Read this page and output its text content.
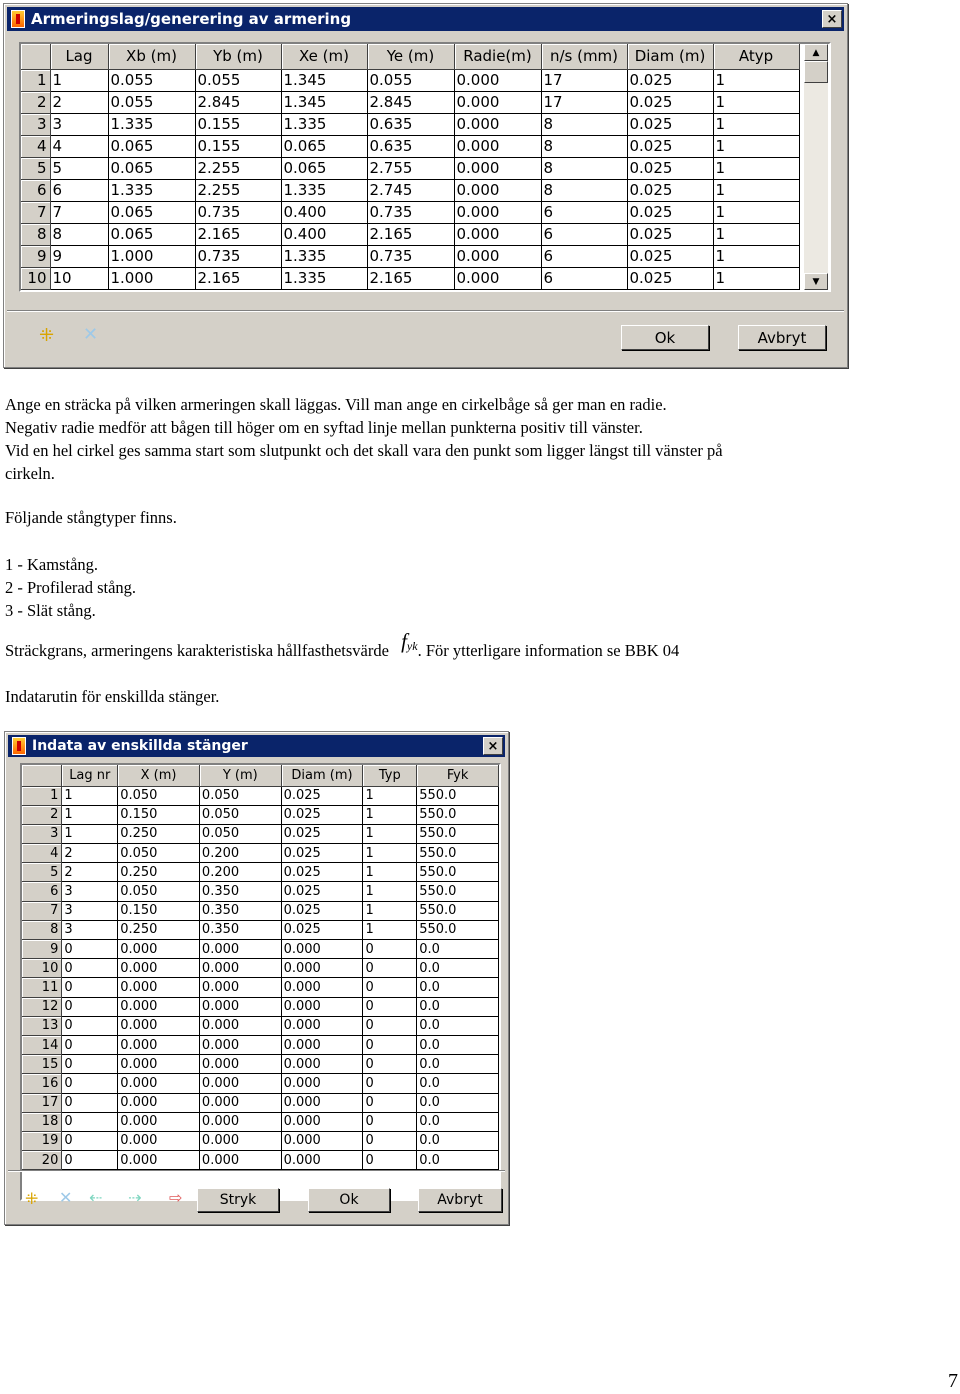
Armeringslag/generering av armering	×
	Lag	Xb (m)	Yb (m)	Xe (m)	Ye (m)	Radie(m)	n/s (mm)	Diam (m)	Atyp
1	1	0.055	0.055	1.345	0.055	0.000	17	0.025	1
2	2	0.055	2.845	1.345	2.845	0.000	17	0.025	1
3	3	1.335	0.155	1.335	0.635	0.000	8	0.025	1
4	4	0.065	0.155	0.065	0.635	0.000	8	0.025	1
5	5	0.065	2.255	0.065	2.755	0.000	8	0.025	1
6	6	1.335	2.255	1.335	2.745	0.000	8	0.025	1
7	7	0.065	0.735	0.400	0.735	0.000	6	0.025	1
8	8	0.065	2.165	0.400	2.165	0.000	6	0.025	1
9	9	1.000	0.735	1.335	0.735	0.000	6	0.025	1
10	10	1.000	2.165	1.335	2.165	0.000	6	0.025	1
▲
▼
⁜ ✕	Ok	Avbryt

Ange en sträcka på vilken armeringen skall läggas. Vill man ange en cirkelbåge så ger man en radie.
Negativ radie medför att bågen till höger om en syftad linje mellan punkterna positiv till vänster.
Vid en hel cirkel ges samma start som slutpunkt och det skall vara den punkt som ligger längst till vänster på cirkeln.

Följande stångtyper finns.

1 - Kamstång.
2 - Profilerad stång.
3 - Slät stång.

Sträckgrans, armeringens karakteristiska hållfasthetsvärde $f_{yk}$. För ytterligare information se BBK 04

Indatarutin för enskillda stänger.

Indata av enskillda stänger	×
	Lag nr	X (m)	Y (m)	Diam (m)	Typ	Fyk
1	1	0.050	0.050	0.025	1	550.0
2	1	0.150	0.050	0.025	1	550.0
3	1	0.250	0.050	0.025	1	550.0
4	2	0.050	0.200	0.025	1	550.0
5	2	0.250	0.200	0.025	1	550.0
6	3	0.050	0.350	0.025	1	550.0
7	3	0.150	0.350	0.025	1	550.0
8	3	0.250	0.350	0.025	1	550.0
9	0	0.000	0.000	0.000	0	0.0
10	0	0.000	0.000	0.000	0	0.0
11	0	0.000	0.000	0.000	0	0.0
12	0	0.000	0.000	0.000	0	0.0
13	0	0.000	0.000	0.000	0	0.0
14	0	0.000	0.000	0.000	0	0.0
15	0	0.000	0.000	0.000	0	0.0
16	0	0.000	0.000	0.000	0	0.0
17	0	0.000	0.000	0.000	0	0.0
18	0	0.000	0.000	0.000	0	0.0
19	0	0.000	0.000	0.000	0	0.0
20	0	0.000	0.000	0.000	0	0.0
⁜ ✕ ⇠ ⇢ ⇨	Stryk	Ok	Avbryt
7
